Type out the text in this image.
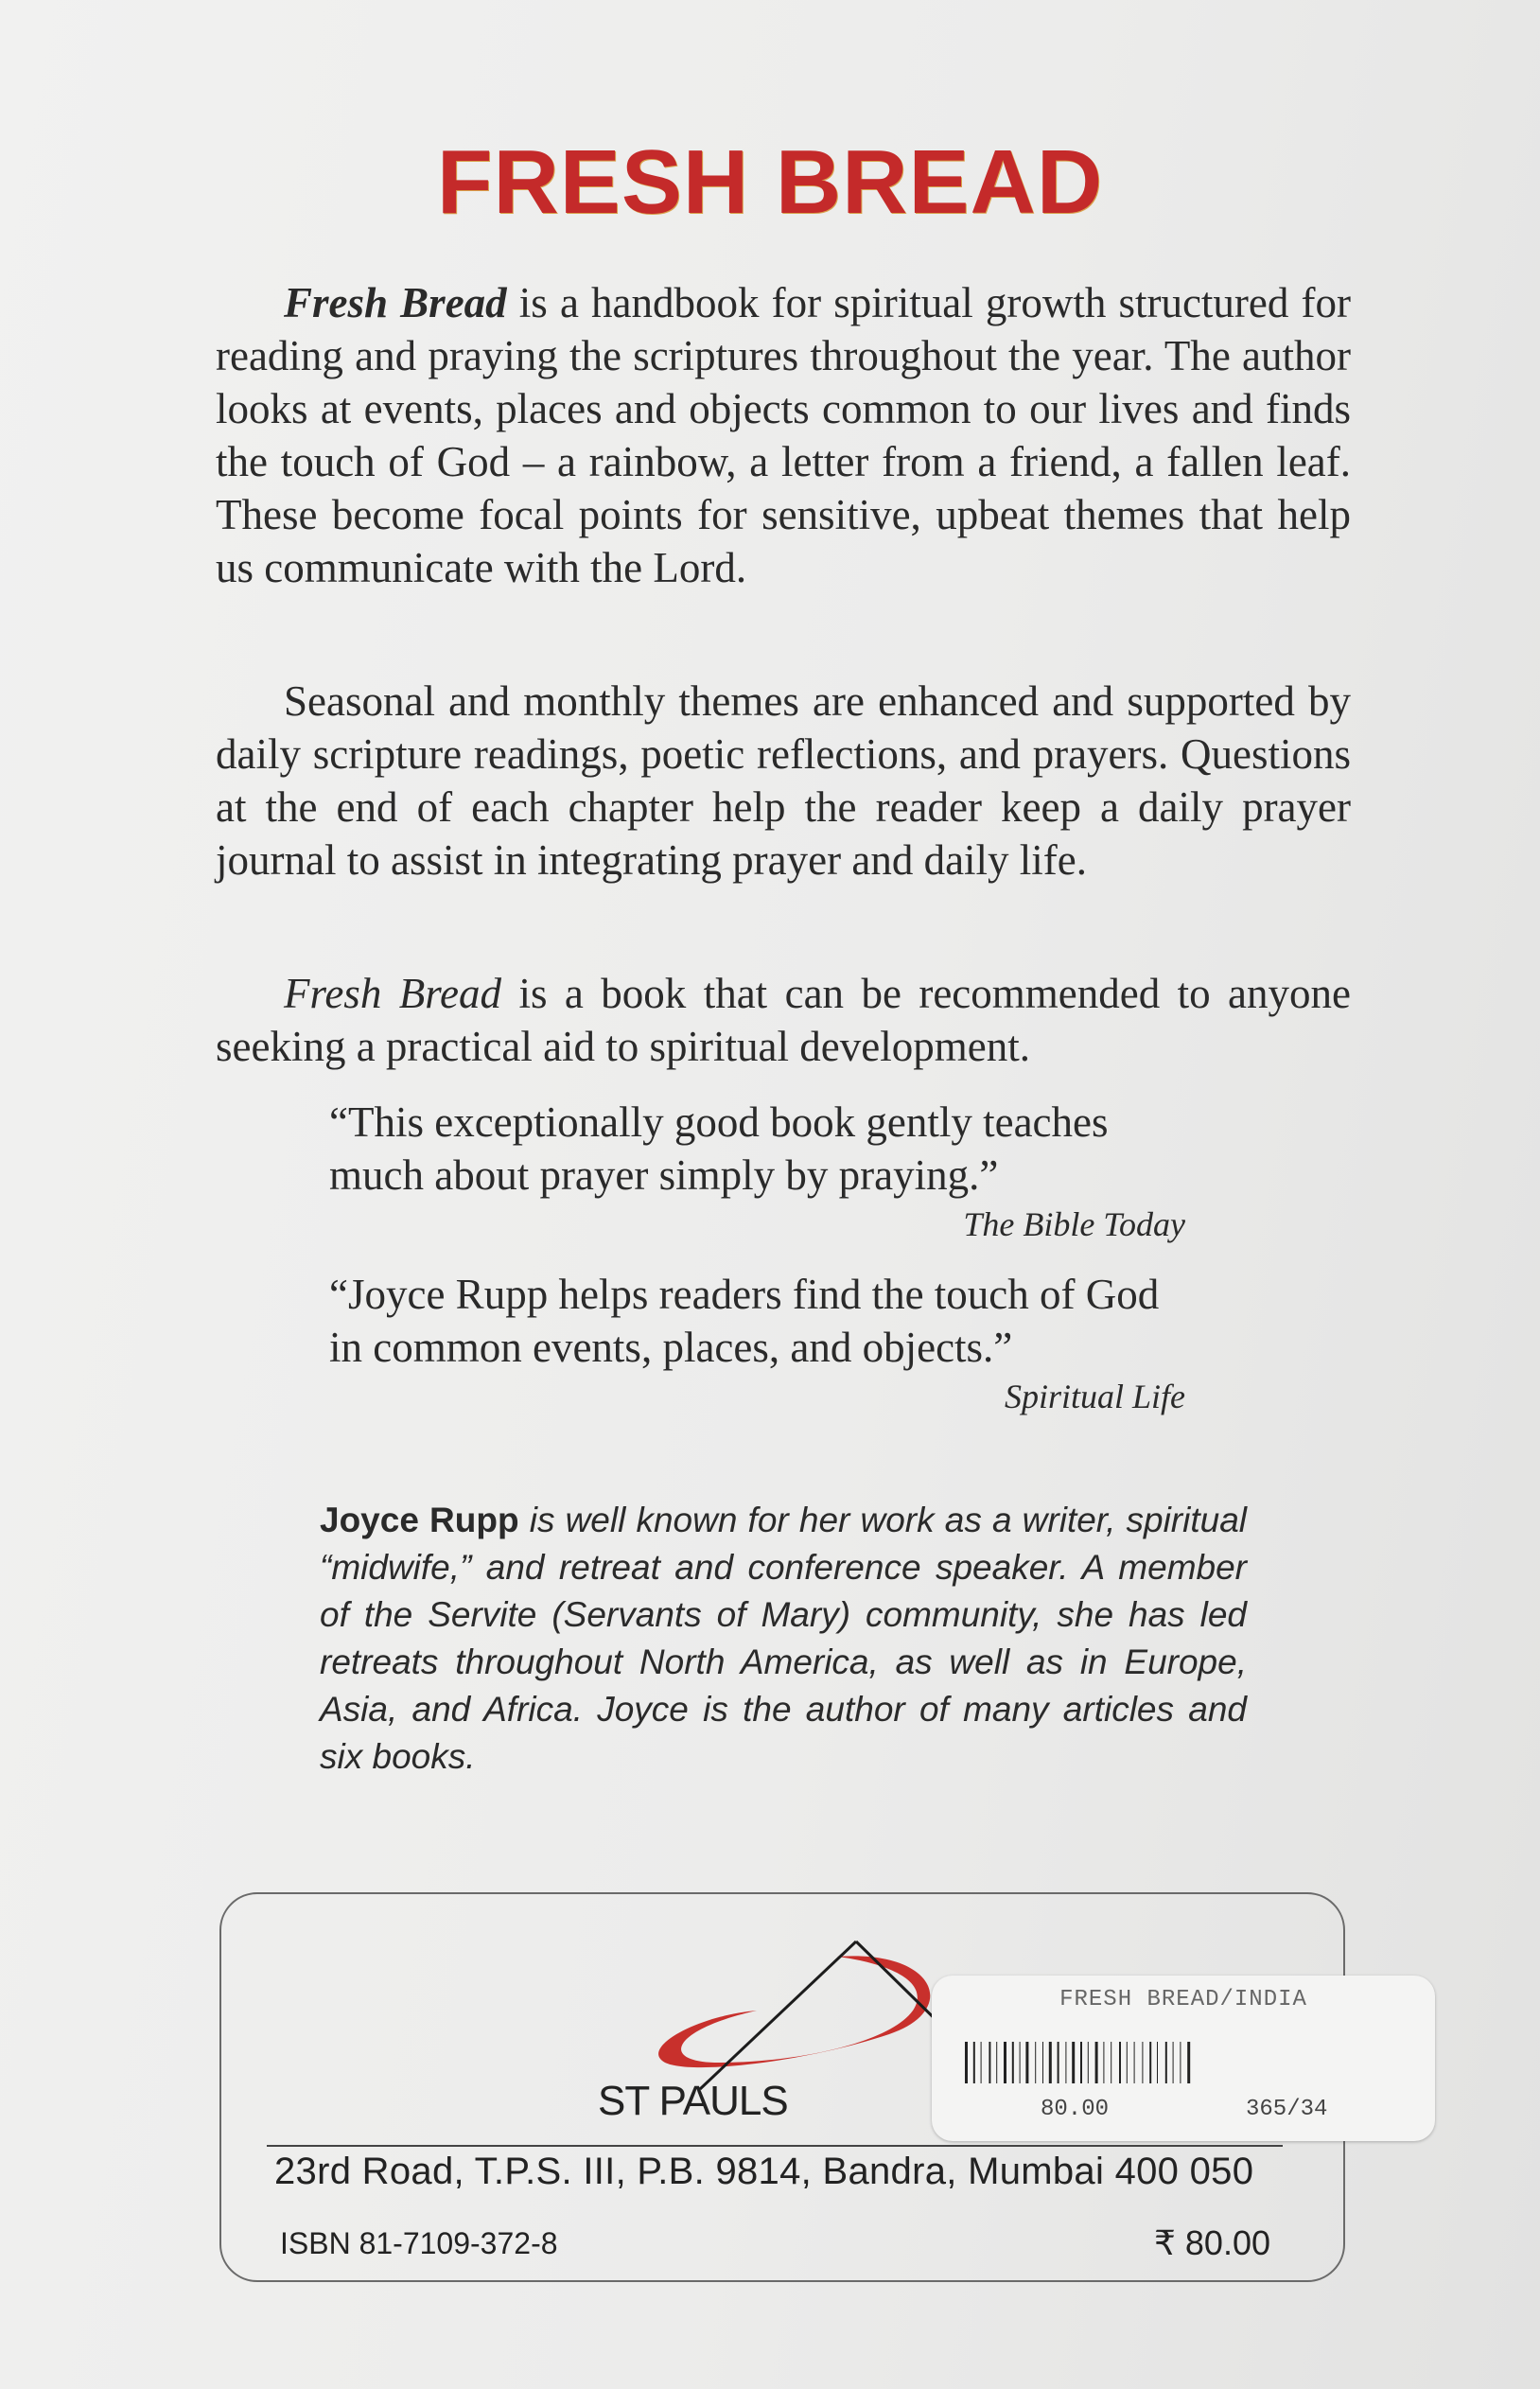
FRESH BREAD

Fresh Bread is a handbook for spiritual growth structured for reading and praying the scriptures throughout the year. The author looks at events, places and objects common to our lives and finds the touch of God – a rainbow, a letter from a friend, a fallen leaf. These become focal points for sensitive, upbeat themes that help us communicate with the Lord.

Seasonal and monthly themes are enhanced and supported by daily scripture readings, poetic reflections, and prayers. Questions at the end of each chapter help the reader keep a daily prayer journal to assist in integrating prayer and daily life.

Fresh Bread is a book that can be recommended to anyone seeking a practical aid to spiritual development.

“This exceptionally good book gently teaches much about prayer simply by praying.”
The Bible Today
“Joyce Rupp helps readers find the touch of God in common events, places, and objects.”
Spiritual Life
Joyce Rupp is well known for her work as a writer, spiritual “midwife,” and retreat and conference speaker. A member of the Servite (Servants of Mary) community, she has led retreats throughout North America, as well as in Europe, Asia, and Africa. Joyce is the author of many articles and six books.
ST PAULS
23rd Road, T.P.S. III, P.B. 9814, Bandra, Mumbai 400 050
ISBN 81-7109-372-8	₹ 80.00
FRESH BREAD/INDIA
80.00	365/34
